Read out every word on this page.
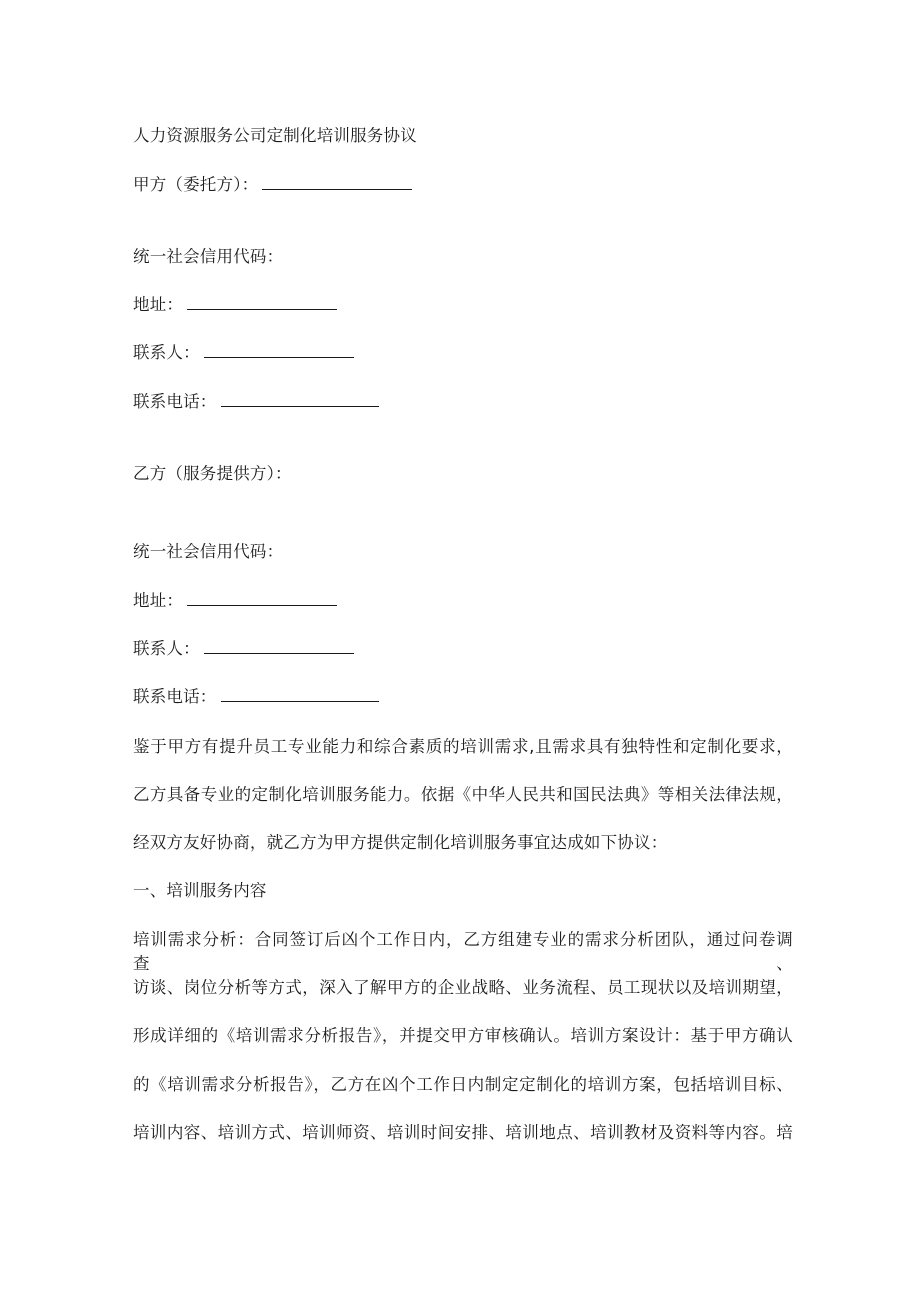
人力资源服务公司定制化培训服务协议
甲方（委托方）：
统一社会信用代码：
地址：
联系人：
联系电话：
乙方（服务提供方）：
统一社会信用代码：
地址：
联系人：
联系电话：
鉴于甲方有提升员工专业能力和综合素质的培训需求,且需求具有独特性和定制化要求，
乙方具备专业的定制化培训服务能力。依据《中华人民共和国民法典》等相关法律法规，
经双方友好协商，就乙方为甲方提供定制化培训服务事宜达成如下协议：
一、培训服务内容
培训需求分析：合同签订后凶个工作日内，乙方组建专业的需求分析团队，通过问卷调查、
访谈、岗位分析等方式，深入了解甲方的企业战略、业务流程、员工现状以及培训期望，
形成详细的《培训需求分析报告》，并提交甲方审核确认。培训方案设计：基于甲方确认
的《培训需求分析报告》，乙方在凶个工作日内制定定制化的培训方案，包括培训目标、
培训内容、培训方式、培训师资、培训时间安排、培训地点、培训教材及资料等内容。培
